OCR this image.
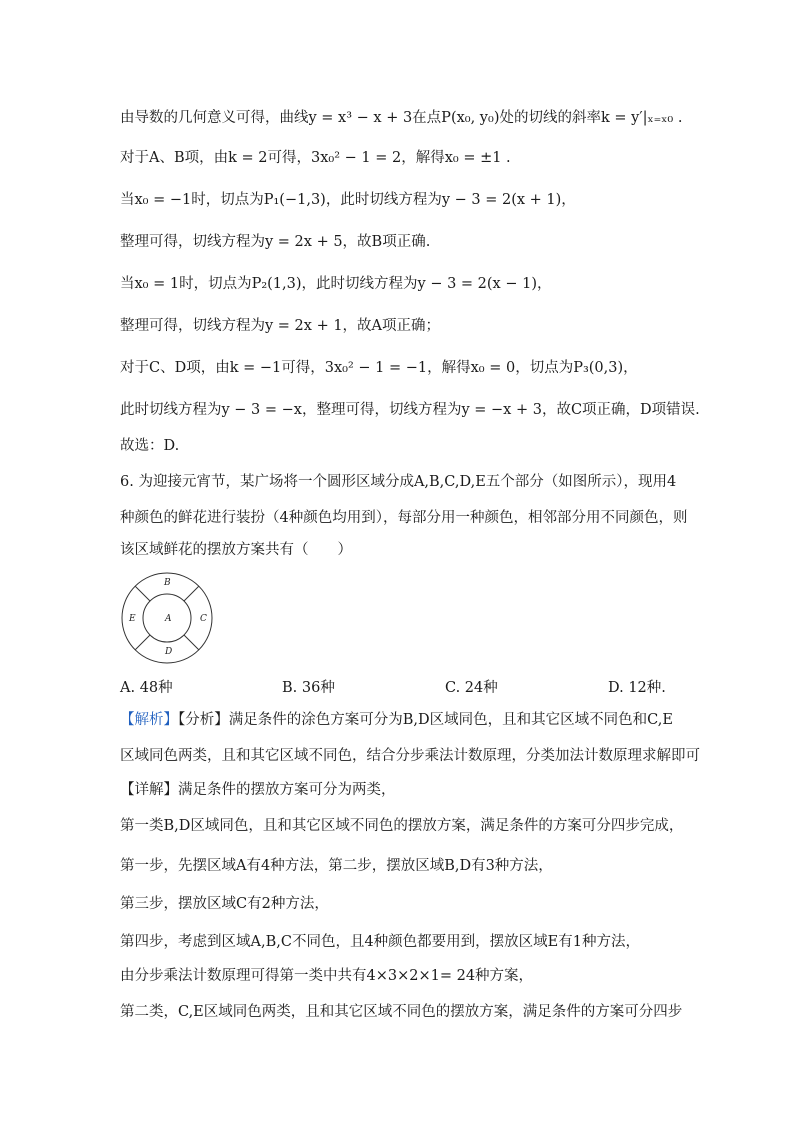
由导数的几何意义可得，曲线y = x³ − x + 3在点P(x₀, y₀)处的切线的斜率k = y′|ₓ₌ₓ₀ .
对于A、B项，由k = 2可得，3x₀² − 1 = 2，解得x₀ = ±1 .
当x₀ = −1时，切点为P₁(−1,3)，此时切线方程为y − 3 = 2(x + 1)，
整理可得，切线方程为y = 2x + 5，故B项正确.
当x₀ = 1时，切点为P₂(1,3)，此时切线方程为y − 3 = 2(x − 1)，
整理可得，切线方程为y = 2x + 1，故A项正确；
对于C、D项，由k = −1可得，3x₀² − 1 = −1，解得x₀ = 0，切点为P₃(0,3)，
此时切线方程为y − 3 = −x，整理可得，切线方程为y = −x + 3，故C项正确，D项错误.
故选：D.
6. 为迎接元宵节，某广场将一个圆形区域分成A,B,C,D,E五个部分（如图所示），现用4
种颜色的鲜花进行装扮（4种颜色均用到），每部分用一种颜色，相邻部分用不同颜色，则
该区域鲜花的摆放方案共有（　　）
B
A	C
D
E
A. 48种	B. 36种	C. 24种	D. 12种.
【解析】【分析】满足条件的涂色方案可分为B,D区域同色，且和其它区域不同色和C,E
区域同色两类，且和其它区域不同色，结合分步乘法计数原理，分类加法计数原理求解即可
【详解】满足条件的摆放方案可分为两类，
第一类B,D区域同色，且和其它区域不同色的摆放方案，满足条件的方案可分四步完成，
第一步，先摆区域A有4种方法，第二步，摆放区域B,D有3种方法，
第三步，摆放区域C有2种方法，
第四步，考虑到区域A,B,C不同色，且4种颜色都要用到，摆放区域E有1种方法，
由分步乘法计数原理可得第一类中共有4×3×2×1= 24种方案，
第二类，C,E区域同色两类，且和其它区域不同色的摆放方案，满足条件的方案可分四步
